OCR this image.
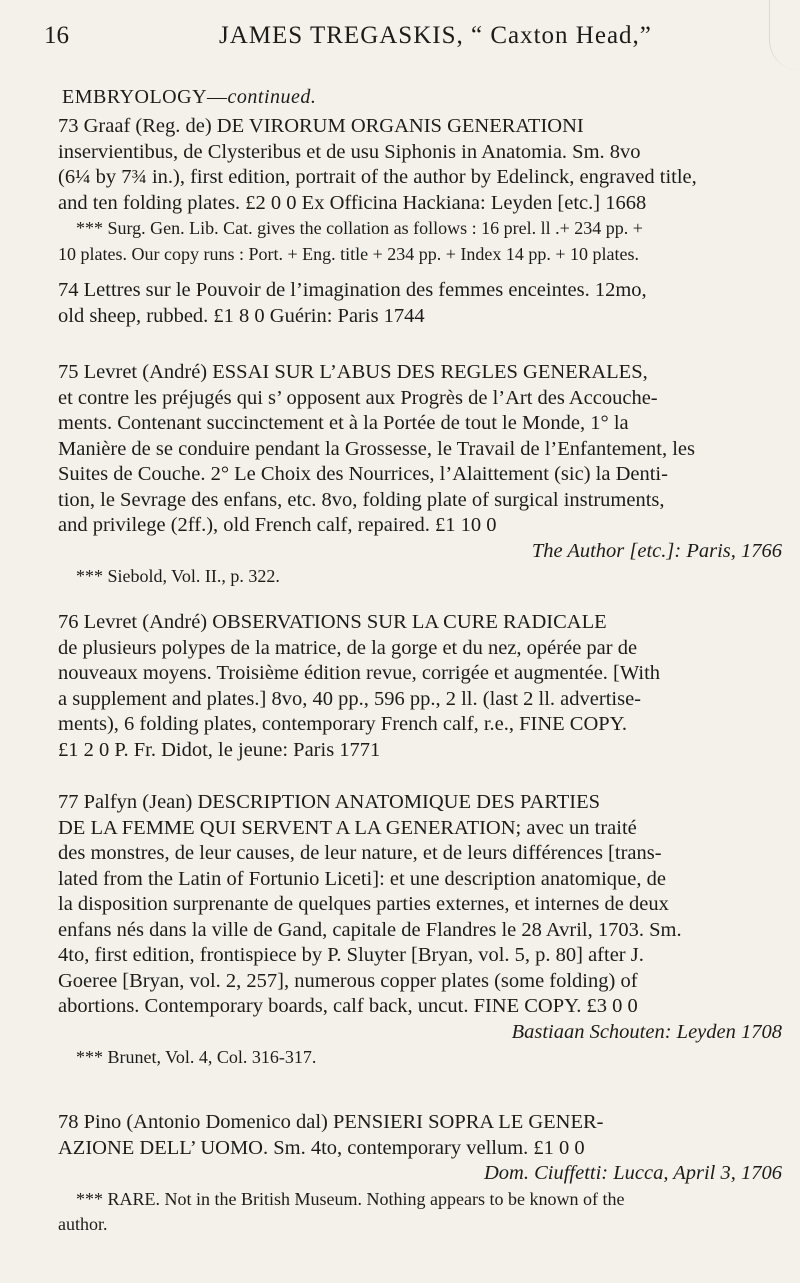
16	JAMES TREGASKIS, “ Caxton Head,”
EMBRYOLOGY—continued.
73 Graaf (Reg. de) DE VIRORUM ORGANIS GENERATIONI
inservientibus, de Clysteribus et de usu Siphonis in Anatomia. Sm. 8vo
(6¼ by 7¾ in.), first edition, portrait of the author by Edelinck, engraved title,
and ten folding plates. £2 0 0 Ex Officina Hackiana: Leyden [etc.] 1668
*** Surg. Gen. Lib. Cat. gives the collation as follows : 16 prel. ll .+ 234 pp. +
10 plates. Our copy runs : Port. + Eng. title + 234 pp. + Index 14 pp. + 10 plates.
74 Lettres sur le Pouvoir de l’imagination des femmes enceintes. 12mo,
old sheep, rubbed. £1 8 0 Guérin: Paris 1744
75 Levret (André) ESSAI SUR L’ABUS DES REGLES GENERALES,
et contre les préjugés qui s’ opposent aux Progrès de l’Art des Accouche-
ments. Contenant succinctement et à la Portée de tout le Monde, 1° la
Manière de se conduire pendant la Grossesse, le Travail de l’Enfantement, les
Suites de Couche. 2° Le Choix des Nourrices, l’Alaittement (sic) la Denti-
tion, le Sevrage des enfans, etc. 8vo, folding plate of surgical instruments,
and privilege (2ff.), old French calf, repaired. £1 10 0
The Author [etc.]: Paris, 1766
*** Siebold, Vol. II., p. 322.
76 Levret (André) OBSERVATIONS SUR LA CURE RADICALE
de plusieurs polypes de la matrice, de la gorge et du nez, opérée par de
nouveaux moyens. Troisième édition revue, corrigée et augmentée. [With
a supplement and plates.] 8vo, 40 pp., 596 pp., 2 ll. (last 2 ll. advertise-
ments), 6 folding plates, contemporary French calf, r.e., FINE COPY.
£1 2 0 P. Fr. Didot, le jeune: Paris 1771
77 Palfyn (Jean) DESCRIPTION ANATOMIQUE DES PARTIES
DE LA FEMME QUI SERVENT A LA GENERATION; avec un traité
des monstres, de leur causes, de leur nature, et de leurs différences [trans-
lated from the Latin of Fortunio Liceti]: et une description anatomique, de
la disposition surprenante de quelques parties externes, et internes de deux
enfans nés dans la ville de Gand, capitale de Flandres le 28 Avril, 1703. Sm.
4to, first edition, frontispiece by P. Sluyter [Bryan, vol. 5, p. 80] after J.
Goeree [Bryan, vol. 2, 257], numerous copper plates (some folding) of
abortions. Contemporary boards, calf back, uncut. FINE COPY. £3 0 0
Bastiaan Schouten: Leyden 1708
*** Brunet, Vol. 4, Col. 316-317.
78 Pino (Antonio Domenico dal) PENSIERI SOPRA LE GENER-
AZIONE DELL’ UOMO. Sm. 4to, contemporary vellum. £1 0 0
Dom. Ciuffetti: Lucca, April 3, 1706
*** RARE. Not in the British Museum. Nothing appears to be known of the
author.
